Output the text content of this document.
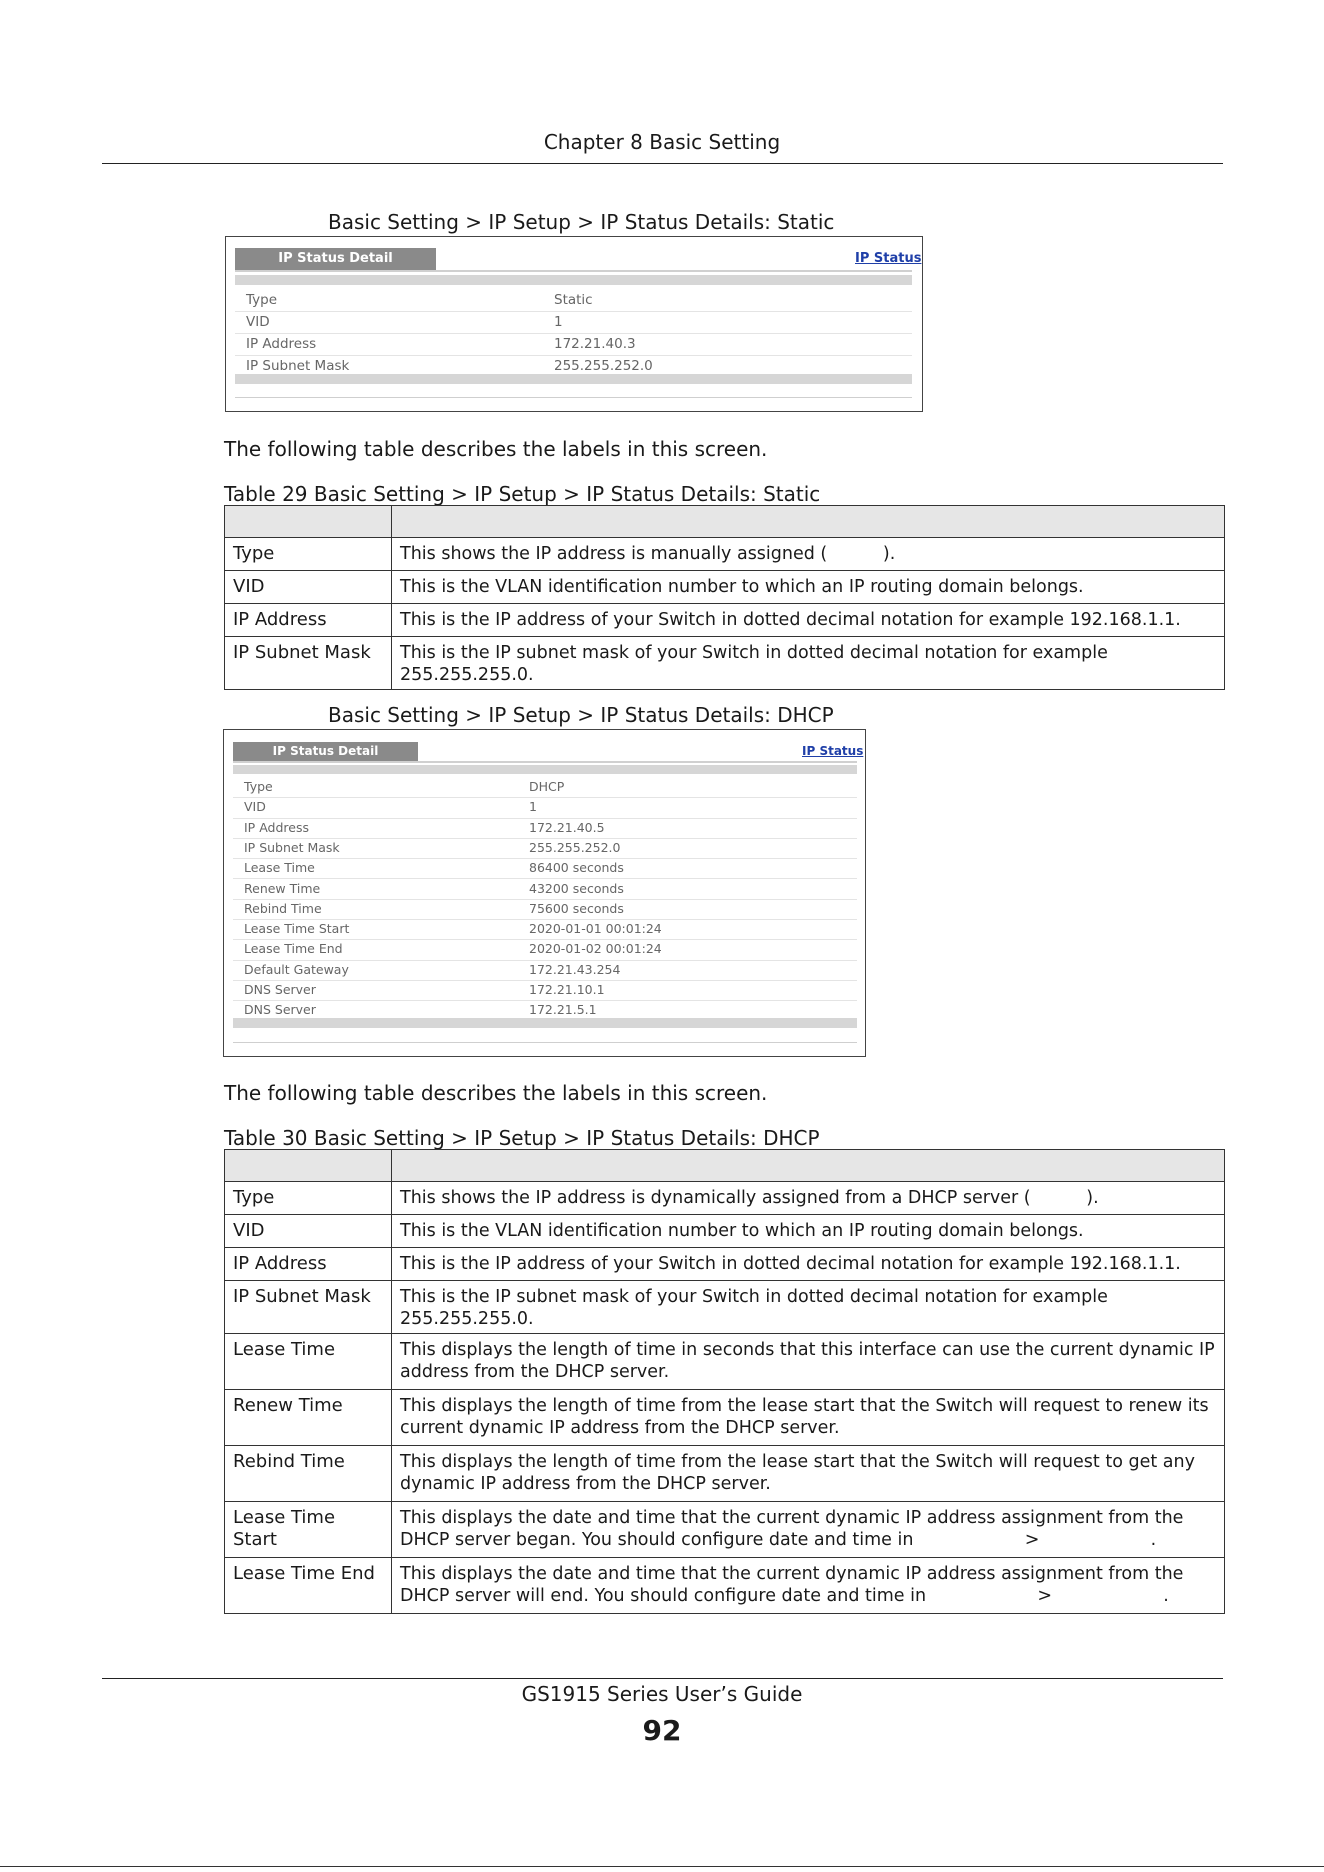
Chapter 8 Basic Setting
Basic Setting > IP Setup > IP Status Details: Static
IP Status Detail	IP Status
Type	Static
VID	1
IP Address	172.21.40.3
IP Subnet Mask	255.255.252.0
The following table describes the labels in this screen.
Table 29 Basic Setting > IP Setup > IP Status Details: Static

Type	This shows the IP address is manually assigned (          ).
VID	This is the VLAN identification number to which an IP routing domain belongs.
IP Address	This is the IP address of your Switch in dotted decimal notation for example 192.168.1.1.
IP Subnet Mask	This is the IP subnet mask of your Switch in dotted decimal notation for example 255.255.255.0.
Basic Setting > IP Setup > IP Status Details: DHCP
IP Status Detail	IP Status
Type	DHCP
VID	1
IP Address	172.21.40.5
IP Subnet Mask	255.255.252.0
Lease Time	86400 seconds
Renew Time	43200 seconds
Rebind Time	75600 seconds
Lease Time Start	2020-01-01 00:01:24
Lease Time End	2020-01-02 00:01:24
Default Gateway	172.21.43.254
DNS Server	172.21.10.1
DNS Server	172.21.5.1
The following table describes the labels in this screen.
Table 30 Basic Setting > IP Setup > IP Status Details: DHCP

Type	This shows the IP address is dynamically assigned from a DHCP server (          ).
VID	This is the VLAN identification number to which an IP routing domain belongs.
IP Address	This is the IP address of your Switch in dotted decimal notation for example 192.168.1.1.
IP Subnet Mask	This is the IP subnet mask of your Switch in dotted decimal notation for example 255.255.255.0.
Lease Time	This displays the length of time in seconds that this interface can use the current dynamic IP address from the DHCP server.
Renew Time	This displays the length of time from the lease start that the Switch will request to renew its current dynamic IP address from the DHCP server.
Rebind Time	This displays the length of time from the lease start that the Switch will request to get any dynamic IP address from the DHCP server.
Lease Time Start	This displays the date and time that the current dynamic IP address assignment from the DHCP server began. You should configure date and time in                    >                    .
Lease Time End	This displays the date and time that the current dynamic IP address assignment from the DHCP server will end. You should configure date and time in                    >                    .
GS1915 Series User’s Guide
92
